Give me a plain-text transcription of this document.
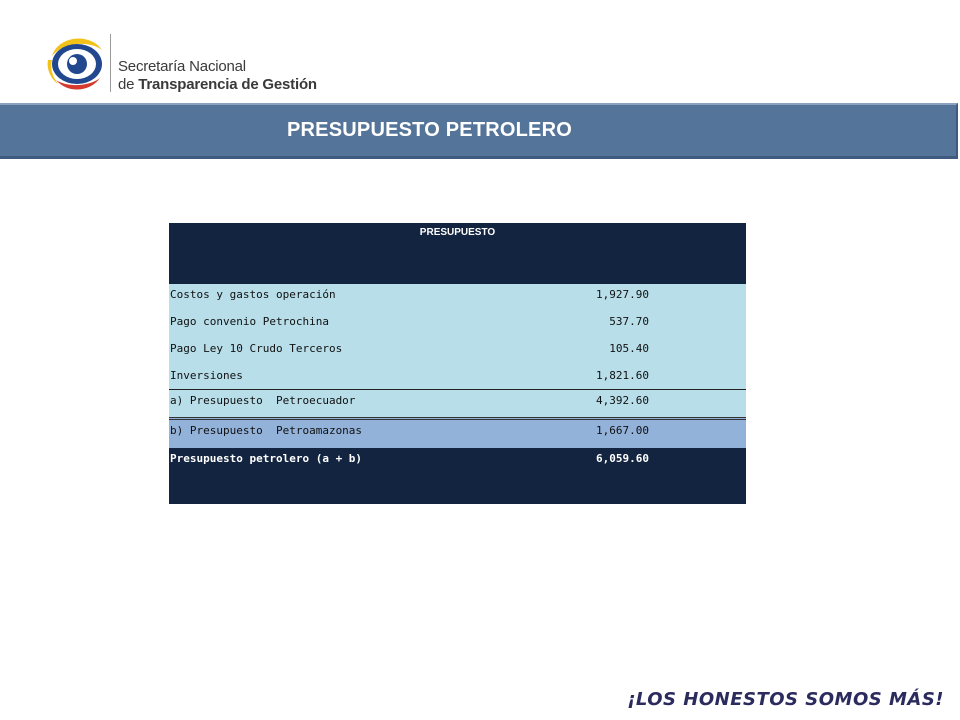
Secretaría Nacional
de Transparencia de Gestión
PRESUPUESTO PETROLERO
PRESUPUESTO
Costos y gastos operación	1,927.90
Pago convenio Petrochina	537.70
Pago Ley 10 Crudo Terceros	105.40
Inversiones	1,821.60
a) Presupuesto  Petroecuador	4,392.60
b) Presupuesto  Petroamazonas	1,667.00
Presupuesto petrolero (a + b)	6,059.60
¡LOS HONESTOS SOMOS MÁS!
